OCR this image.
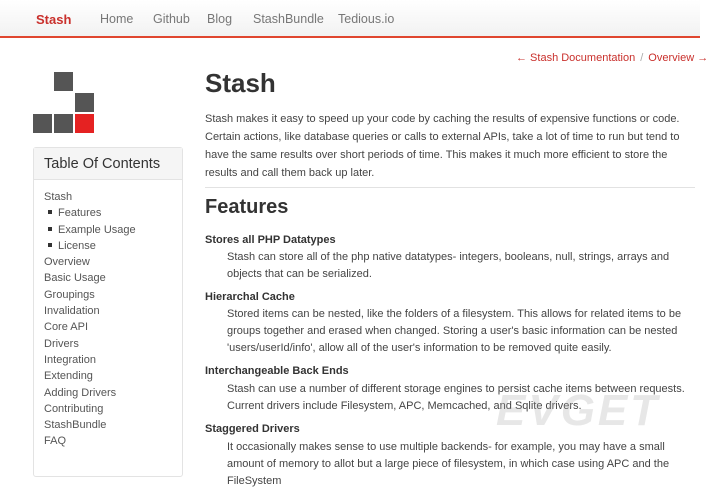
Stash Home Github Blog StashBundle Tedious.io
← Stash Documentation / Overview →
Table Of Contents
Stash
Features
Example Usage
License
Overview
Basic Usage
Groupings
Invalidation
Core API
Drivers
Integration
Extending
Adding Drivers
Contributing
StashBundle
FAQ
Stash
Stash makes it easy to speed up your code by caching the results of expensive functions or code. Certain actions, like database queries or calls to external APIs, take a lot of time to run but tend to have the same results over short periods of time. This makes it much more efficient to store the results and call them back up later.
Features
Stores all PHP Datatypes
Stash can store all of the php native datatypes- integers, booleans, null, strings, arrays and objects that can be serialized.
Hierarchal Cache
Stored items can be nested, like the folders of a filesystem. This allows for related items to be groups together and erased when changed. Storing a user's basic information can be nested 'users/userId/info', allow all of the user's information to be removed quite easily.
Interchangeable Back Ends
Stash can use a number of different storage engines to persist cache items between requests. Current drivers include Filesystem, APC, Memcached, and Sqlite drivers.
Staggered Drivers
It occasionally makes sense to use multiple backends- for example, you may have a small amount of memory to allot but a large piece of filesystem, in which case using APC and the FileSystem
EVGET
